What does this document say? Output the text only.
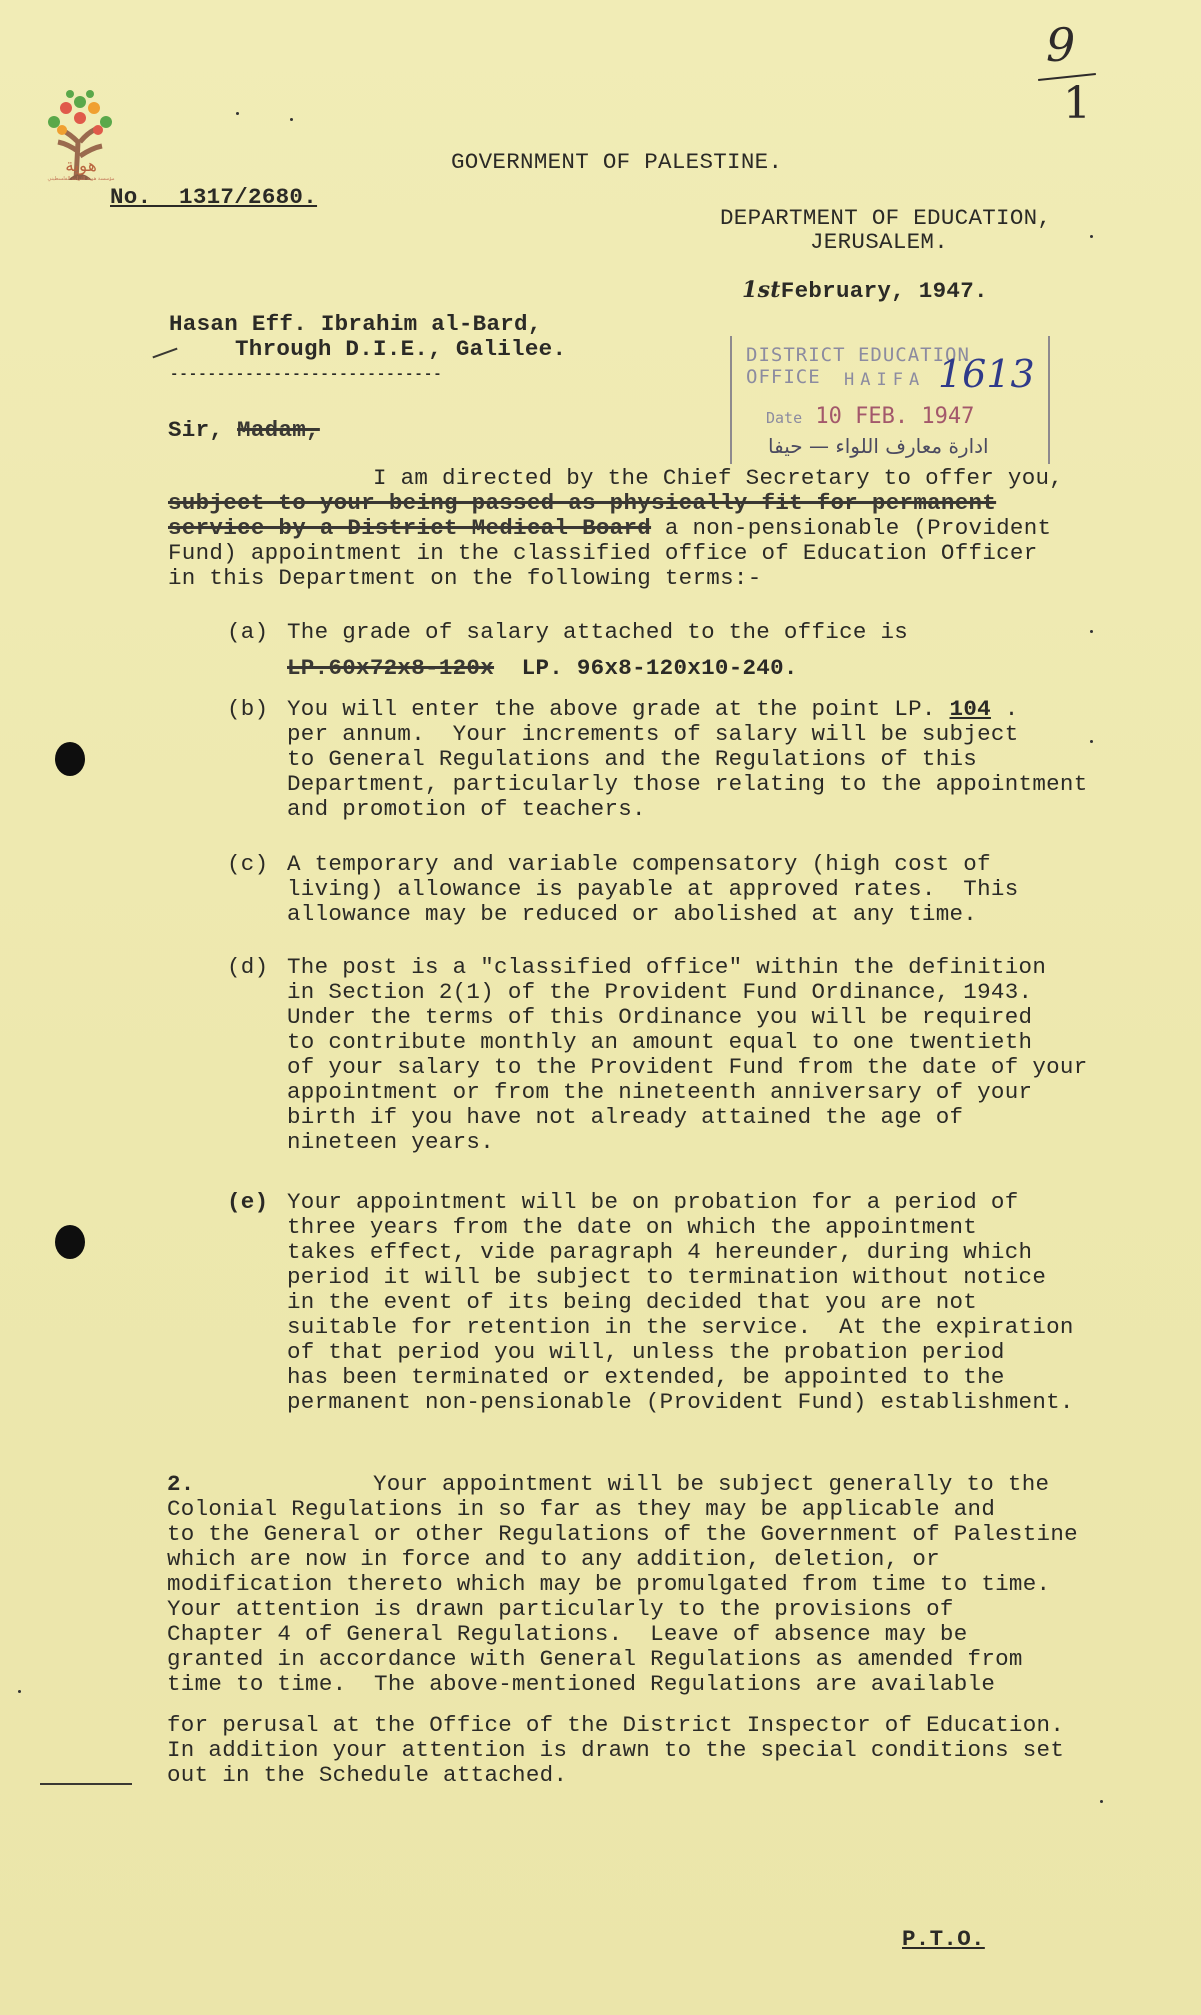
هوية
مؤسسة هوية للتراث الفلسطيني
9
1
GOVERNMENT OF PALESTINE.
No.  1317/2680.
DEPARTMENT OF EDUCATION,
JERUSALEM.
1stFebruary, 1947.
DISTRICT EDUCATION OFFICE	HAIFA
Date 10 FEB. 1947
ادارة معارف اللواء — حيفا
1613
Hasan Eff. Ibrahim al-Bard,
Through D.I.E., Galilee.
-----------------------------
Sir, Madam,
I am directed by the Chief Secretary to offer you,
subject to your being passed as physically fit for permanent
service by a District Medical Board a non-pensionable (Provident
Fund) appointment in the classified office of Education Officer
in this Department on the following terms:-
(a) The grade of salary attached to the office is
LP.60x72x8-120x LP. 96x8-120x10-240.
(b) You will enter the above grade at the point LP. 104 .
per annum.  Your increments of salary will be subject
to General Regulations and the Regulations of this
Department, particularly those relating to the appointment
and promotion of teachers.
(c) A temporary and variable compensatory (high cost of
living) allowance is payable at approved rates.  This
allowance may be reduced or abolished at any time.
(d) The post is a "classified office" within the definition
in Section 2(1) of the Provident Fund Ordinance, 1943.
Under the terms of this Ordinance you will be required
to contribute monthly an amount equal to one twentieth
of your salary to the Provident Fund from the date of your
appointment or from the nineteenth anniversary of your
birth if you have not already attained the age of
nineteen years.
(e) Your appointment will be on probation for a period of
three years from the date on which the appointment
takes effect, vide paragraph 4 hereunder, during which
period it will be subject to termination without notice
in the event of its being decided that you are not
suitable for retention in the service.  At the expiration
of that period you will, unless the probation period
has been terminated or extended, be appointed to the
permanent non-pensionable (Provident Fund) establishment.
2.	Your appointment will be subject generally to the
Colonial Regulations in so far as they may be applicable and
to the General or other Regulations of the Government of Palestine
which are now in force and to any addition, deletion, or
modification thereto which may be promulgated from time to time.
Your attention is drawn particularly to the provisions of
Chapter 4 of General Regulations.  Leave of absence may be
granted in accordance with General Regulations as amended from
time to time.  The above-mentioned Regulations are available
for perusal at the Office of the District Inspector of Education.
In addition your attention is drawn to the special conditions set
out in the Schedule attached.
P.T.O.
